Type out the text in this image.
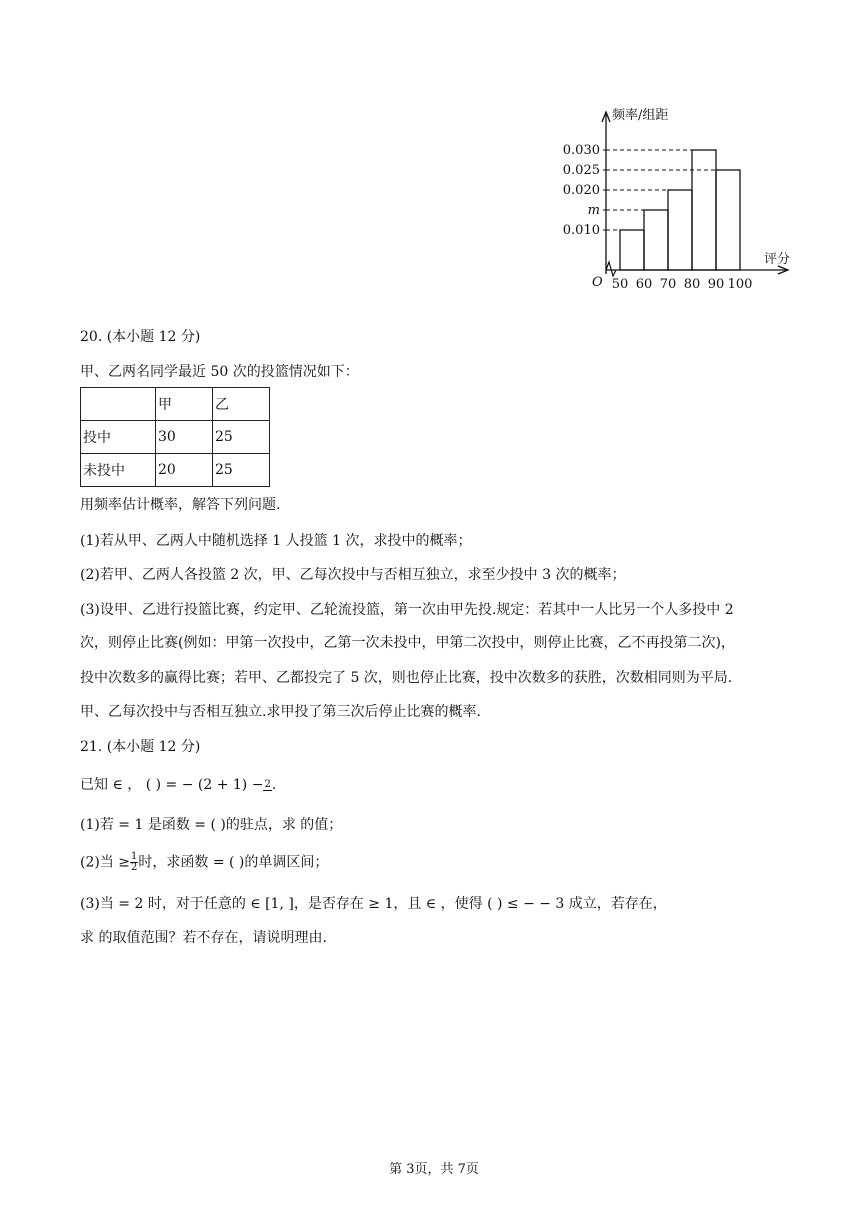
0.030
0.025
0.020
m
0.010
50 60 70 80 90 100
O
频率/组距
评分
20. (本小题 12 分)
甲、乙两名同学最近 50 次的投篮情况如下：
	甲	乙
投中	30	25
未投中	20	25
用频率估计概率，解答下列问题.
(1)若从甲、乙两人中随机选择 1 人投篮 1 次，求投中的概率；
(2)若甲、乙两人各投篮 2 次，甲、乙每次投中与否相互独立，求至少投中 3 次的概率；
(3)设甲、乙进行投篮比赛，约定甲、乙轮流投篮，第一次由甲先投.规定：若其中一人比另一个人多投中 2
次，则停止比赛(例如：甲第一次投中，乙第一次未投中，甲第二次投中，则停止比赛，乙不再投第二次)，
投中次数多的赢得比赛；若甲、乙都投完了 5 次，则也停止比赛，投中次数多的获胜，次数相同则为平局.
甲、乙每次投中与否相互独立.求甲投了第三次后停止比赛的概率.
21. (本小题 12 分)
已知 ∈ ， ( ) = − (2 + 1) − 2 .
(1)若 = 1 是函数 = ( )的驻点，求 的值；
(2)当 ≥ $\frac{1}{2}$ 时，求函数 = ( )的单调区间；
(3)当 = 2 时，对于任意的 ∈ [1, ]，是否存在 ≥ 1，且 ∈ ，使得 ( ) ≤ − − 3 成立，若存在，
求 的取值范围？若不存在，请说明理由.
第 3页，共 7页
